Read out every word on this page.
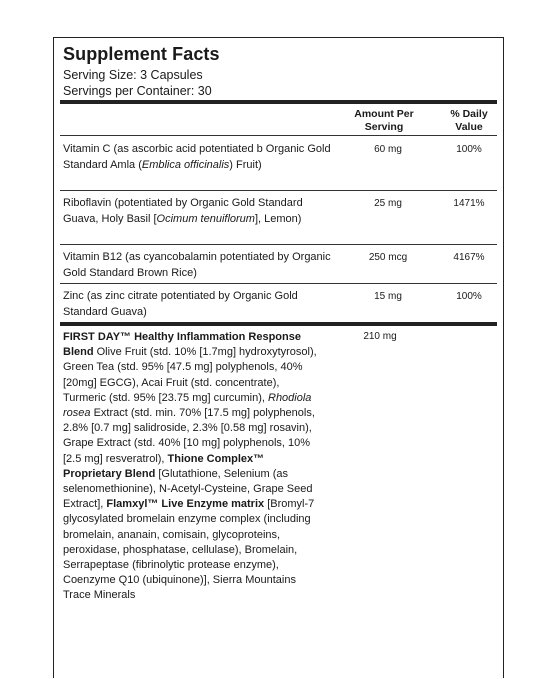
Supplement Facts
Serving Size: 3 Capsules
Servings per Container: 30
Amount Per Serving
% Daily Value
Vitamin C (as ascorbic acid potentiated b Organic Gold Standard Amla (Emblica officinalis) Fruit)
60 mg	100%
Riboflavin (potentiated by Organic Gold Standard Guava, Holy Basil [Ocimum tenuiflorum], Lemon)
25 mg	1471%
Vitamin B12 (as cyancobalamin potentiated by Organic Gold Standard Brown Rice)
250 mcg	4167%
Zinc (as zinc citrate potentiated by Organic Gold Standard Guava)
15 mg	100%
FIRST DAY™ Healthy Inflammation Response Blend Olive Fruit (std. 10% [1.7mg] hydroxytyrosol), Green Tea (std. 95% [47.5 mg] polyphenols, 40% [20mg] EGCG), Acai Fruit (std. concentrate), Turmeric (std. 95% [23.75 mg] curcumin), Rhodiola rosea Extract (std. min. 70% [17.5 mg] polyphenols, 2.8% [0.7 mg] salidroside, 2.3% [0.58 mg] rosavin), Grape Extract (std. 40% [10 mg] polyphenols, 10% [2.5 mg] resveratrol), Thione Complex™ Proprietary Blend [Glutathione, Selenium (as selenomethionine), N-Acetyl-Cysteine, Grape Seed Extract], Flamxyl™ Live Enzyme matrix [Bromyl-7 glycosylated bromelain enzyme complex (including bromelain, ananain, comisain, glycoproteins, peroxidase, phosphatase, cellulase), Bromelain, Serrapeptase (fibrinolytic protease enzyme), Coenzyme Q10 (ubiquinone)], Sierra Mountains Trace Minerals
210 mg
